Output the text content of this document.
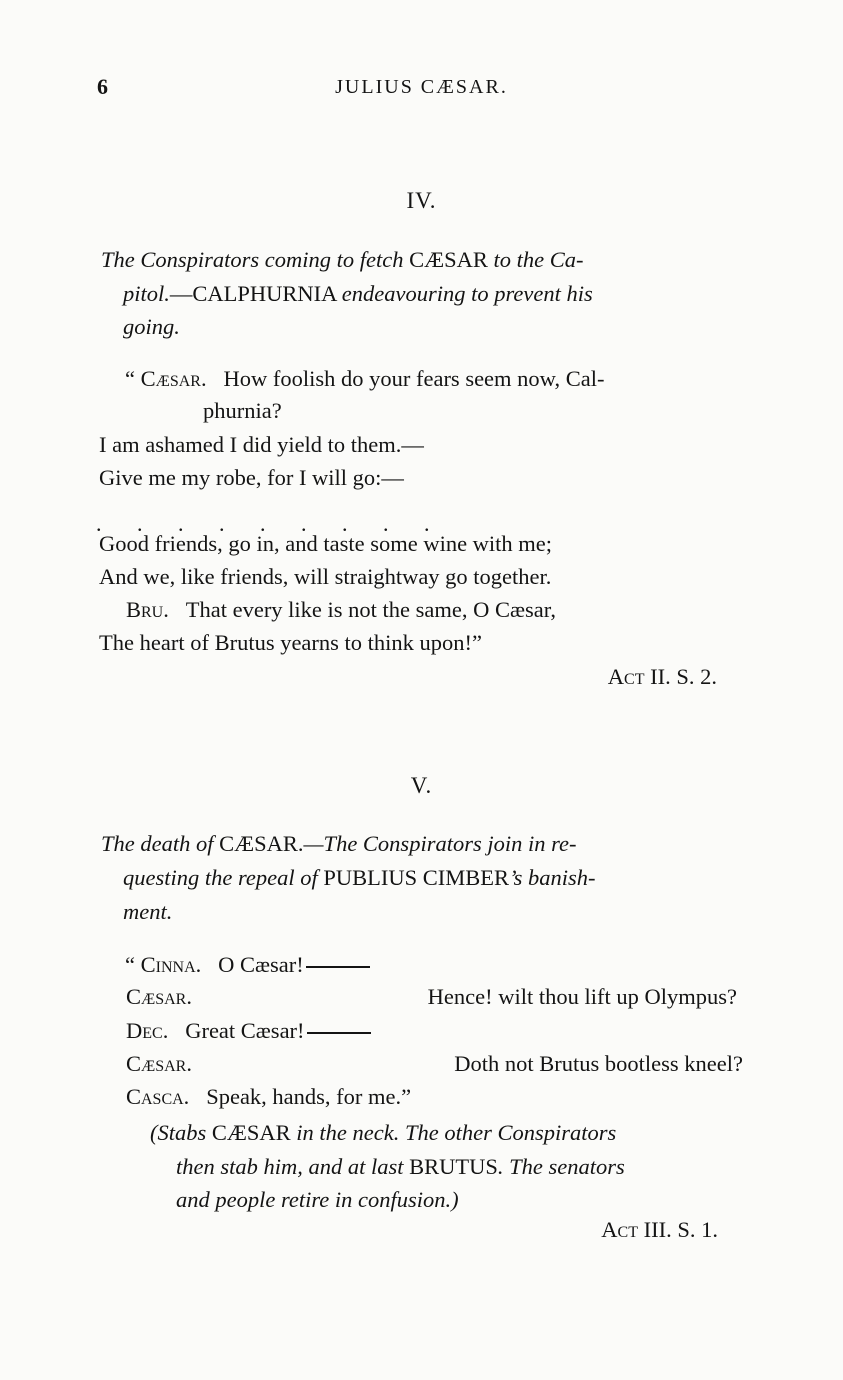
6	JULIUS CÆSAR.
IV.
The Conspirators coming to fetch CÆSAR to the Ca-
pitol.—CALPHURNIA endeavouring to prevent his
going.
“ Cæsar. How foolish do your fears seem now, Cal-
phurnia?
I am ashamed I did yield to them.—
Give me my robe, for I will go:—
. . . . . . . . .
Good friends, go in, and taste some wine with me;
And we, like friends, will straightway go together.
Bru. That every like is not the same, O Cæsar,
The heart of Brutus yearns to think upon!”
Act II. S. 2.
V.
The death of CÆSAR.—The Conspirators join in re-
questing the repeal of PUBLIUS CIMBER’s banish-
ment.
“ Cinna. O Cæsar!
Cæsar.	Hence! wilt thou lift up Olympus?
Dec. Great Cæsar!
Cæsar.	Doth not Brutus bootless kneel?
Casca. Speak, hands, for me.”
(Stabs CÆSAR in the neck. The other Conspirators
then stab him, and at last BRUTUS. The senators
and people retire in confusion.)
Act III. S. 1.
